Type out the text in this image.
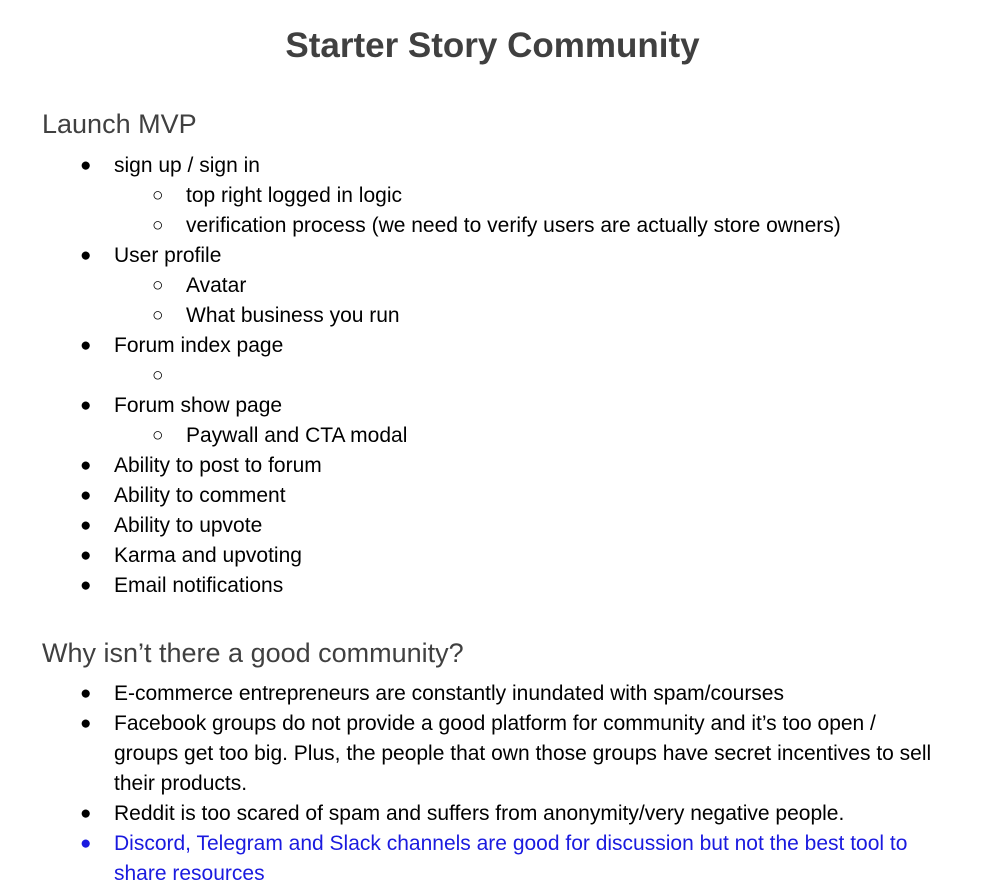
Starter Story Community
Launch MVP
● sign up / sign in
○ top right logged in logic
○ verification process (we need to verify users are actually store owners)
● User profile
○ Avatar
○ What business you run
● Forum index page
○
● Forum show page
○ Paywall and CTA modal
● Ability to post to forum
● Ability to comment
● Ability to upvote
● Karma and upvoting
● Email notifications
Why isn’t there a good community?
● E-commerce entrepreneurs are constantly inundated with spam/courses
● Facebook groups do not provide a good platform for community and it’s too open / groups get too big. Plus, the people that own those groups have secret incentives to sell their products.
● Reddit is too scared of spam and suffers from anonymity/very negative people.
● Discord, Telegram and Slack channels are good for discussion but not the best tool to share resources
